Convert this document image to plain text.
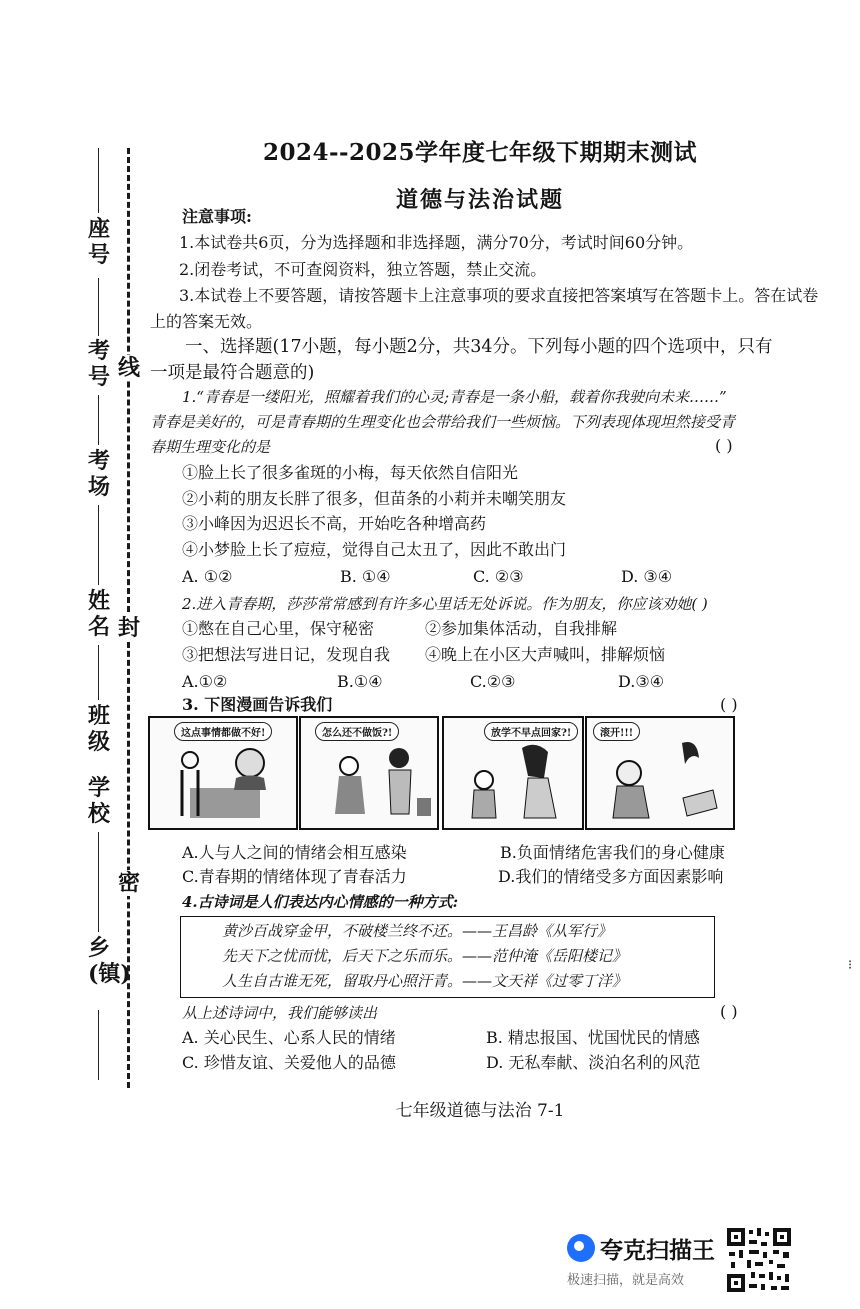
座号
考号
考场
姓名
班级
学校
乡(镇)
线
封
密
2024--2025学年度七年级下期期末测试
道德与法治试题
注意事项:
1.本试卷共6页，分为选择题和非选择题，满分70分，考试时间60分钟。
2.闭卷考试，不可查阅资料，独立答题，禁止交流。
3.本试卷上不要答题，请按答题卡上注意事项的要求直接把答案填写在答题卡上。答在试卷
上的答案无效。
一、选择题(17小题，每小题2分，共34分。下列每小题的四个选项中，只有
一项是最符合题意的)
1.“青春是一缕阳光，照耀着我们的心灵;青春是一条小船，载着你我驶向未来……”
青春是美好的，可是青春期的生理变化也会带给我们一些烦恼。下列表现体现坦然接受青
春期生理变化的是	( )
①脸上长了很多雀斑的小梅，每天依然自信阳光
②小莉的朋友长胖了很多，但苗条的小莉并未嘲笑朋友
③小峰因为迟迟长不高，开始吃各种增高药
④小梦脸上长了痘痘，觉得自己太丑了，因此不敢出门
A. ①②	B. ①④	C. ②③	D. ③④
2.进入青春期，莎莎常常感到有许多心里话无处诉说。作为朋友，你应该劝她( )
①憋在自己心里，保守秘密	②参加集体活动，自我排解
③把想法写进日记，发现自我 ④晚上在小区大声喊叫，排解烦恼
A.①②	B.①④	C.②③	D.③④
3. 下图漫画告诉我们	( )
这点事情都做不好!	怎么还不做饭?!	放学不早点回家?!	滚开!!!
A.人与人之间的情绪会相互感染	B.负面情绪危害我们的身心健康
C.青春期的情绪体现了青春活力	D.我们的情绪受多方面因素影响
4.古诗词是人们表达内心情感的一种方式:
黄沙百战穿金甲，不破楼兰终不还。——王昌龄《从军行》
先天下之忧而忧，后天下之乐而乐。——范仲淹《岳阳楼记》
人生自古谁无死，留取丹心照汗青。——文天祥《过零丁洋》
从上述诗词中，我们能够读出	( )
A. 关心民生、心系人民的情绪	B. 精忠报国、忧国忧民的情感
C. 珍惜友谊、关爱他人的品德	D. 无私奉献、淡泊名利的风范
⁝
七年级道德与法治 7-1
夸克扫描王
极速扫描，就是高效
